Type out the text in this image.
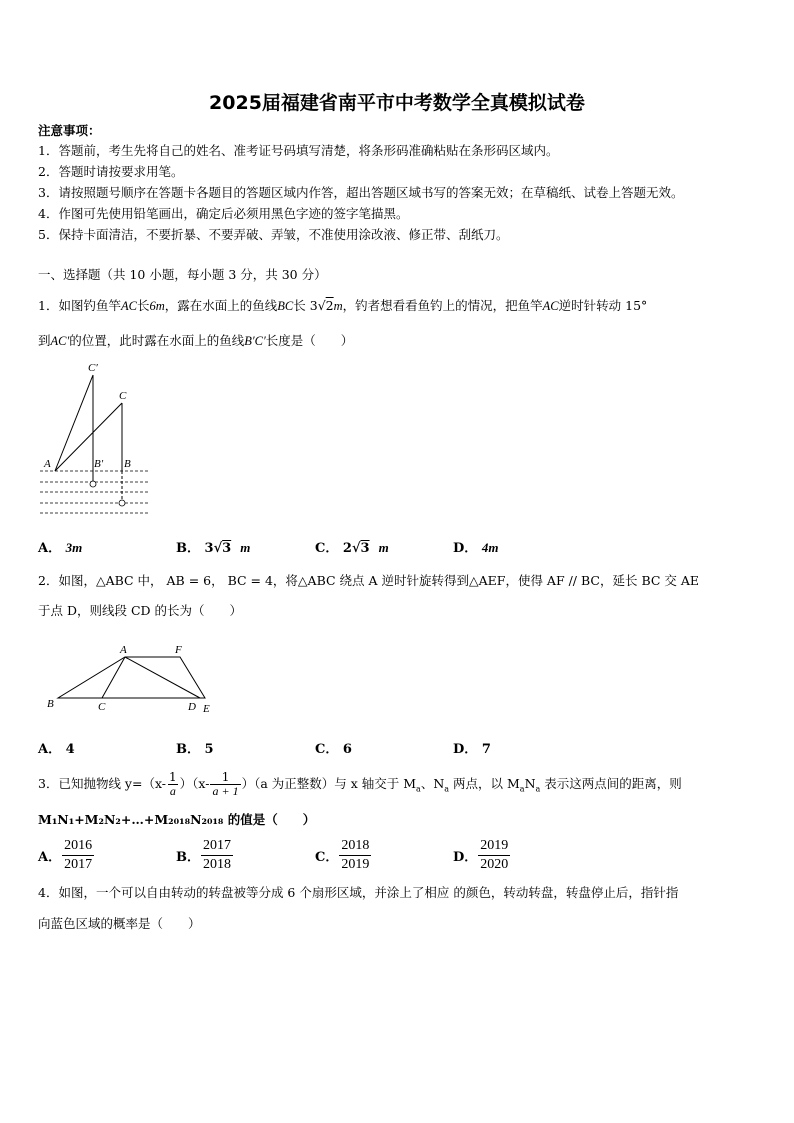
2025届福建省南平市中考数学全真模拟试卷
注意事项：
1．答题前，考生先将自己的姓名、准考证号码填写清楚，将条形码准确粘贴在条形码区域内。
2．答题时请按要求用笔。
3．请按照题号顺序在答题卡各题目的答题区域内作答，超出答题区域书写的答案无效；在草稿纸、试卷上答题无效。
4．作图可先使用铅笔画出，确定后必须用黑色字迹的签字笔描黑。
5．保持卡面清洁，不要折暴、不要弄破、弄皱，不准使用涂改液、修正带、刮纸刀。
一、选择题（共 10 小题，每小题 3 分，共 30 分）
1．如图钓鱼竿AC长6m，露在水面上的鱼线BC长 3√2m，钓者想看看鱼钓上的情况，把鱼竿AC逆时针转动 15°
到AC′的位置，此时露在水面上的鱼线B′C′长度是（　　）
C′
C
A	B′ B
A． 3m	B． 3√3 m	C． 2√3 m	D． 4m
2．如图，△ABC 中， AB = 6， BC = 4，将△ABC 绕点 A 逆时针旋转得到△AEF，使得 AF // BC，延长 BC 交 AE
于点 D，则线段 CD 的长为（　　）
A	F
B	C	D E
A． 4	B． 5	C． 6	D． 7
3．已知抛物线 $y=(x- \frac{1}{a} )(x- \frac{1}{a + 1} )(a$ 为正整数）与 x 轴交于 $M_a$、$N_a$ 两点，以 $M_aN_a$ 表示这两点间的距离，则
M₁N₁+M₂N₂+…+M₂₀₁₈N₂₀₁₈ 的值是（　　）
A． $\frac{2016}{2017}$	B． $\frac{2017}{2018}$	C． $\frac{2018}{2019}$	D． $\frac{2019}{2020}$
4．如图，一个可以自由转动的转盘被等分成 6 个扇形区域，并涂上了相应 的颜色，转动转盘，转盘停止后，指针指
向蓝色区域的概率是（　　）
